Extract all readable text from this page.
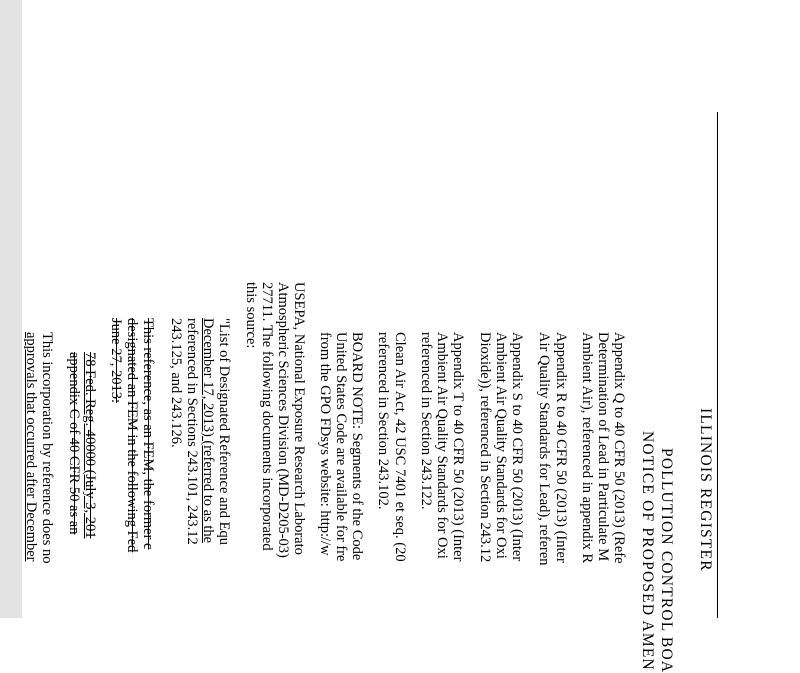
ILLINOIS REGISTER
POLLUTION CONTROL BOA
NOTICE OF PROPOSED AMEN
Appendix Q to 40 CFR 50 (2013) (Refe
Determination of Lead in Particulate M
Ambient Air), referenced in appendix R
Appendix R to 40 CFR 50 (2013) (Inter
Air Quality Standards for Lead), referen
Appendix S to 40 CFR 50 (2013) (Inter
Ambient Air Quality Standards for Oxi
Dioxide)), referenced in Section 243.12
Appendix T to 40 CFR 50 (2013) (Inter
Ambient Air Quality Standards for Oxi
referenced in Section 243.122.
Clean Air Act, 42 USC 7401 et seq. (20
referenced in Section 243.102.
BOARD NOTE: Segments of the Code
United States Code are available for fre
from the GPO FDsys website: http://w
USEPA, National Exposure Research Laborato
Atmospheric Sciences Division (MD-D205-03)
27711. The following documents incorporated
this source:
"List of Designated Reference and Equ
December 17, 2013) (referred to as the
referenced in Sections 243.101, 243.12
243.125, and 243.126.
This reference, as an FEM, the former c
designated an FEM in the following Fed
June 27, 2013:
78 Fed. Reg. 40000 (July 3, 201
appendix C of 40 CFR 50 as an
This incorporation by reference does no
approvals that occurred after December
